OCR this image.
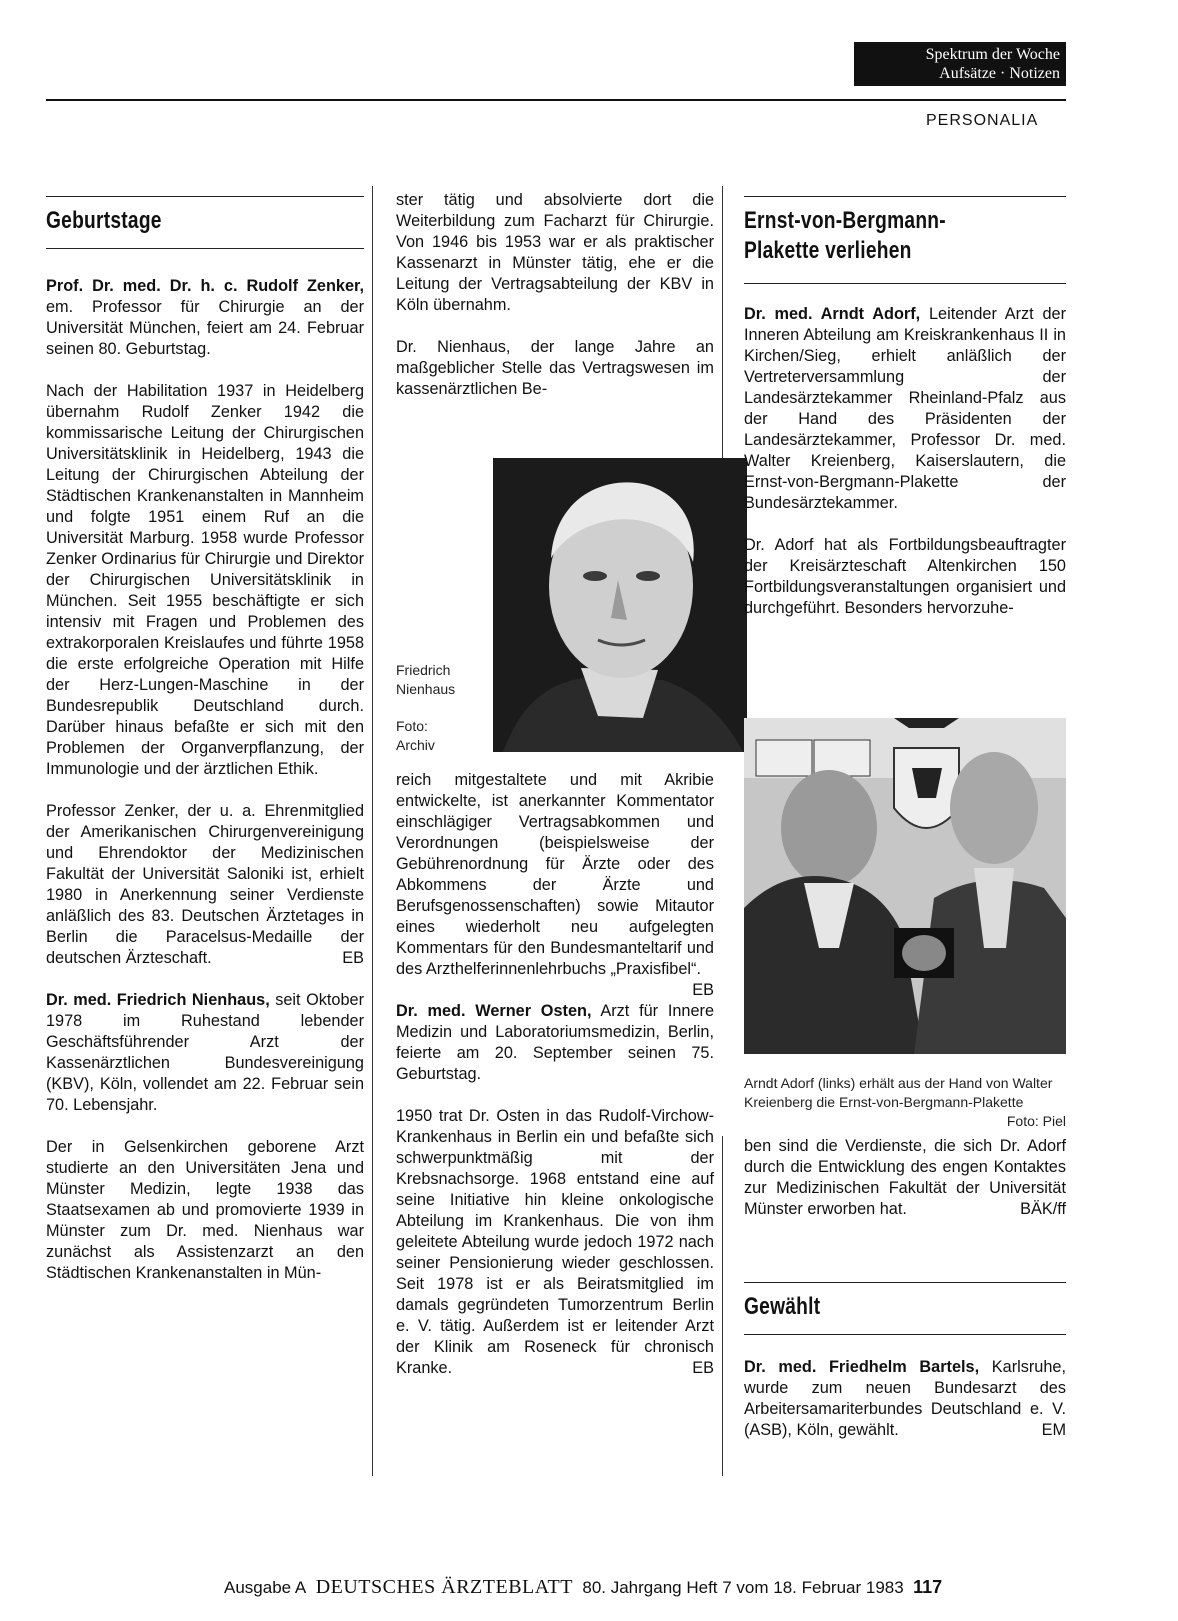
Spektrum der Woche
Aufsätze · Notizen
PERSONALIA
Geburtstage

Prof. Dr. med. Dr. h. c. Rudolf Zenker, em. Professor für Chirurgie an der Universität München, feiert am 24. Februar seinen 80. Geburtstag.

Nach der Habilitation 1937 in Heidelberg übernahm Rudolf Zenker 1942 die kommissarische Leitung der Chirurgischen Universitätsklinik in Heidelberg, 1943 die Leitung der Chirurgischen Abteilung der Städtischen Krankenanstalten in Mannheim und folgte 1951 einem Ruf an die Universität Marburg. 1958 wurde Professor Zenker Ordinarius für Chirurgie und Direktor der Chirurgischen Universitätsklinik in München. Seit 1955 beschäftigte er sich intensiv mit Fragen und Problemen des extrakorporalen Kreislaufes und führte 1958 die erste erfolgreiche Operation mit Hilfe der Herz-Lungen-Maschine in der Bundesrepublik Deutschland durch. Darüber hinaus befaßte er sich mit den Problemen der Organverpflanzung, der Immunologie und der ärztlichen Ethik.

Professor Zenker, der u. a. Ehrenmitglied der Amerikanischen Chirurgenvereinigung und Ehrendoktor der Medizinischen Fakultät der Universität Saloniki ist, erhielt 1980 in Anerkennung seiner Verdienste anläßlich des 83. Deutschen Ärztetages in Berlin die Paracelsus-Medaille der deutschen Ärzteschaft.	EB

Dr. med. Friedrich Nienhaus, seit Oktober 1978 im Ruhestand lebender Geschäftsführender Arzt der Kassenärztlichen Bundesvereinigung (KBV), Köln, vollendet am 22. Februar sein 70. Lebensjahr.

Der in Gelsenkirchen geborene Arzt studierte an den Universitäten Jena und Münster Medizin, legte 1938 das Staatsexamen ab und promovierte 1939 in Münster zum Dr. med. Nienhaus war zunächst als Assistenzarzt an den Städtischen Krankenanstalten in Mün-

ster tätig und absolvierte dort die Weiterbildung zum Facharzt für Chirurgie. Von 1946 bis 1953 war er als praktischer Kassenarzt in Münster tätig, ehe er die Leitung der Vertragsabteilung der KBV in Köln übernahm.

Dr. Nienhaus, der lange Jahre an maßgeblicher Stelle das Vertragswesen im kassenärztlichen Be-

Friedrich Nienhaus
Foto: Archiv

reich mitgestaltete und mit Akribie entwickelte, ist anerkannter Kommentator einschlägiger Vertragsabkommen und Verordnungen (beispielsweise der Gebührenordnung für Ärzte oder des Abkommens der Ärzte und Berufsgenossenschaften) sowie Mitautor eines wiederholt neu aufgelegten Kommentars für den Bundesmanteltarif und des Arzthelferinnenlehrbuchs „Praxisfibel“.
EB

Dr. med. Werner Osten, Arzt für Innere Medizin und Laboratoriumsmedizin, Berlin, feierte am 20. September seinen 75. Geburtstag.

1950 trat Dr. Osten in das Rudolf-Virchow-Krankenhaus in Berlin ein und befaßte sich schwerpunktmäßig mit der Krebsnachsorge. 1968 entstand eine auf seine Initiative hin kleine onkologische Abteilung im Krankenhaus. Die von ihm geleitete Abteilung wurde jedoch 1972 nach seiner Pensionierung wieder geschlossen. Seit 1978 ist er als Beiratsmitglied im damals gegründeten Tumorzentrum Berlin e. V. tätig. Außerdem ist er leitender Arzt der Klinik am Roseneck für chronisch Kranke.	EB

Ernst-von-Bergmann-Plakette verliehen

Dr. med. Arndt Adorf, Leitender Arzt der Inneren Abteilung am Kreiskrankenhaus II in Kirchen/Sieg, erhielt anläßlich der Vertreterversammlung der Landesärztekammer Rheinland-Pfalz aus der Hand des Präsidenten der Landesärztekammer, Professor Dr. med. Walter Kreienberg, Kaiserslautern, die Ernst-von-Bergmann-Plakette der Bundesärztekammer.

Dr. Adorf hat als Fortbildungsbeauftragter der Kreisärzteschaft Altenkirchen 150 Fortbildungsveranstaltungen organisiert und durchgeführt. Besonders hervorzuhe-

Arndt Adorf (links) erhält aus der Hand von Walter Kreienberg die Ernst-von-Bergmann-Plakette
Foto: Piel

ben sind die Verdienste, die sich Dr. Adorf durch die Entwicklung des engen Kontaktes zur Medizinischen Fakultät der Universität Münster erworben hat.	BÄK/ff

Gewählt

Dr. med. Friedhelm Bartels, Karlsruhe, wurde zum neuen Bundesarzt des Arbeitersamariterbundes Deutschland e. V. (ASB), Köln, gewählt.	EM

Ausgabe A DEUTSCHES ÄRZTEBLATT 80. Jahrgang Heft 7 vom 18. Februar 1983 117
